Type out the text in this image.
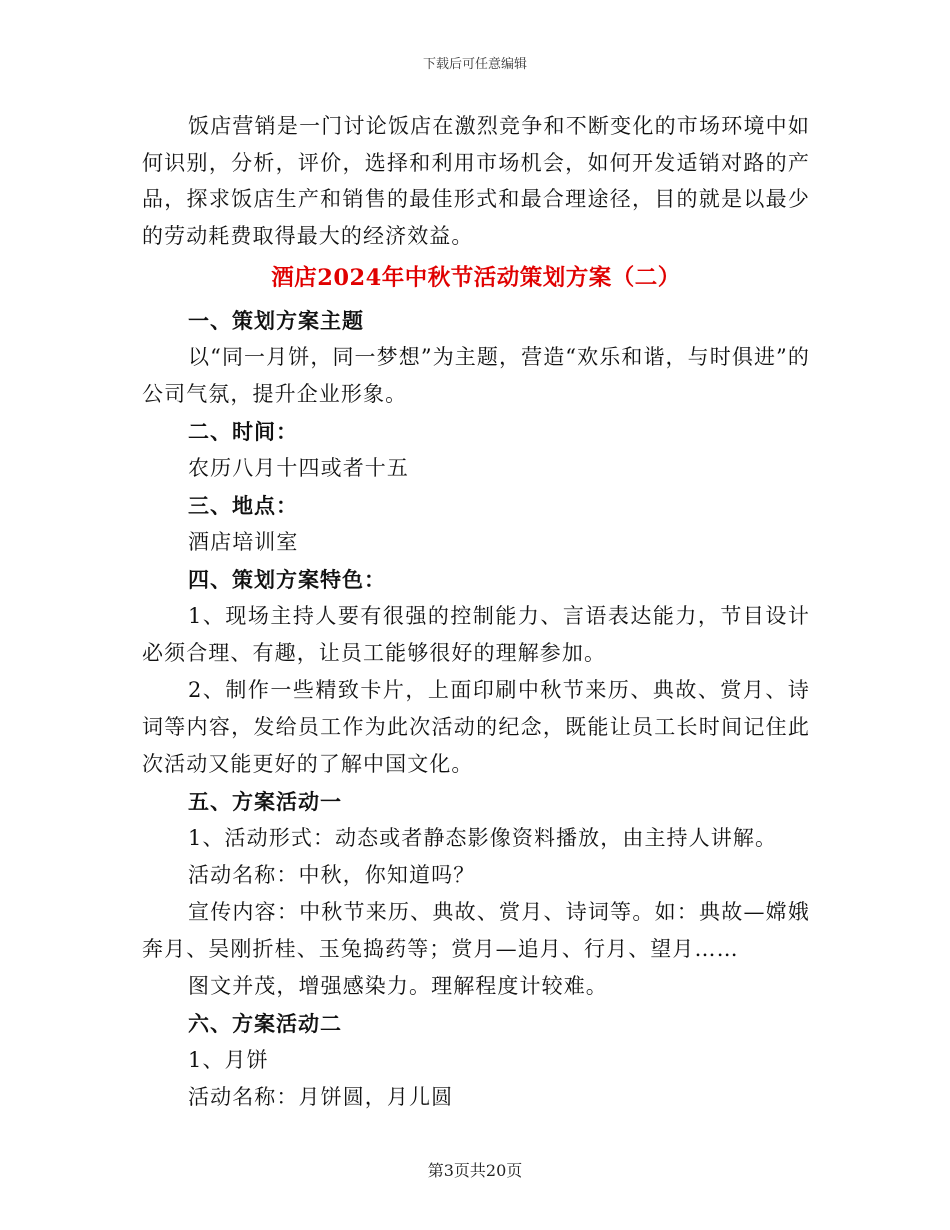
下载后可任意编辑

饭店营销是一门讨论饭店在激烈竞争和不断变化的市场环境中如何识别，分析，评价，选择和利用市场机会，如何开发适销对路的产品，探求饭店生产和销售的最佳形式和最合理途径，目的就是以最少的劳动耗费取得最大的经济效益。

酒店2024年中秋节活动策划方案（二）
一、策划方案主题

以“同一月饼，同一梦想”为主题，营造“欢乐和谐，与时俱进”的公司气氛，提升企业形象。

二、时间：
农历八月十四或者十五
三、地点：
酒店培训室
四、策划方案特色：

1、现场主持人要有很强的控制能力、言语表达能力，节目设计必须合理、有趣，让员工能够很好的理解参加。

2、制作一些精致卡片，上面印刷中秋节来历、典故、赏月、诗词等内容，发给员工作为此次活动的纪念，既能让员工长时间记住此次活动又能更好的了解中国文化。

五、方案活动一
1、活动形式：动态或者静态影像资料播放，由主持人讲解。
活动名称：中秋，你知道吗？

宣传内容：中秋节来历、典故、赏月、诗词等。如：典故—嫦娥奔月、吴刚折桂、玉兔捣药等；赏月—追月、行月、望月……

图文并茂，增强感染力。理解程度计较难。
六、方案活动二
1、月饼
活动名称：月饼圆，月儿圆
第3页共20页
